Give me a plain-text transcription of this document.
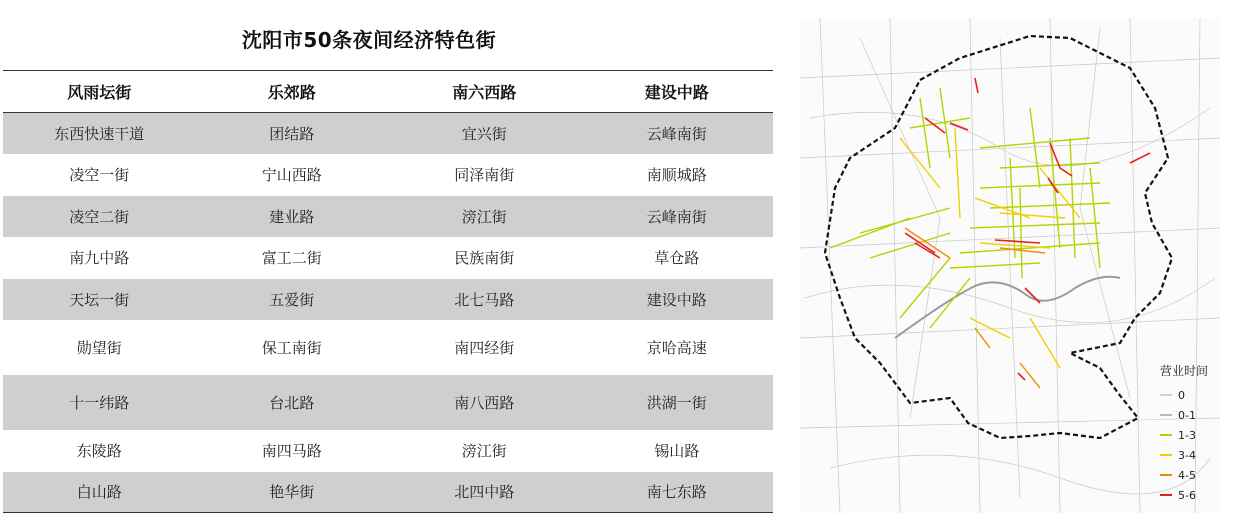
沈阳市50条夜间经济特色街
风雨坛街	乐郊路	南六西路	建设中路
东西快速干道	团结路	宜兴街	云峰南街
凌空一街	宁山西路	同泽南街	南顺城路
凌空二街	建业路	滂江街	云峰南街
南九中路	富工二街	民族南街	草仓路
天坛一街	五爱街	北七马路	建设中路
勋望街	保工南街	南四经街	京哈高速
十一纬路	台北路	南八西路	洪湖一街
东陵路	南四马路	滂江街	锡山路
白山路	艳华街	北四中路	南七东路
营业时间
0
0-1
1-3
3-4
4-5
5-6
